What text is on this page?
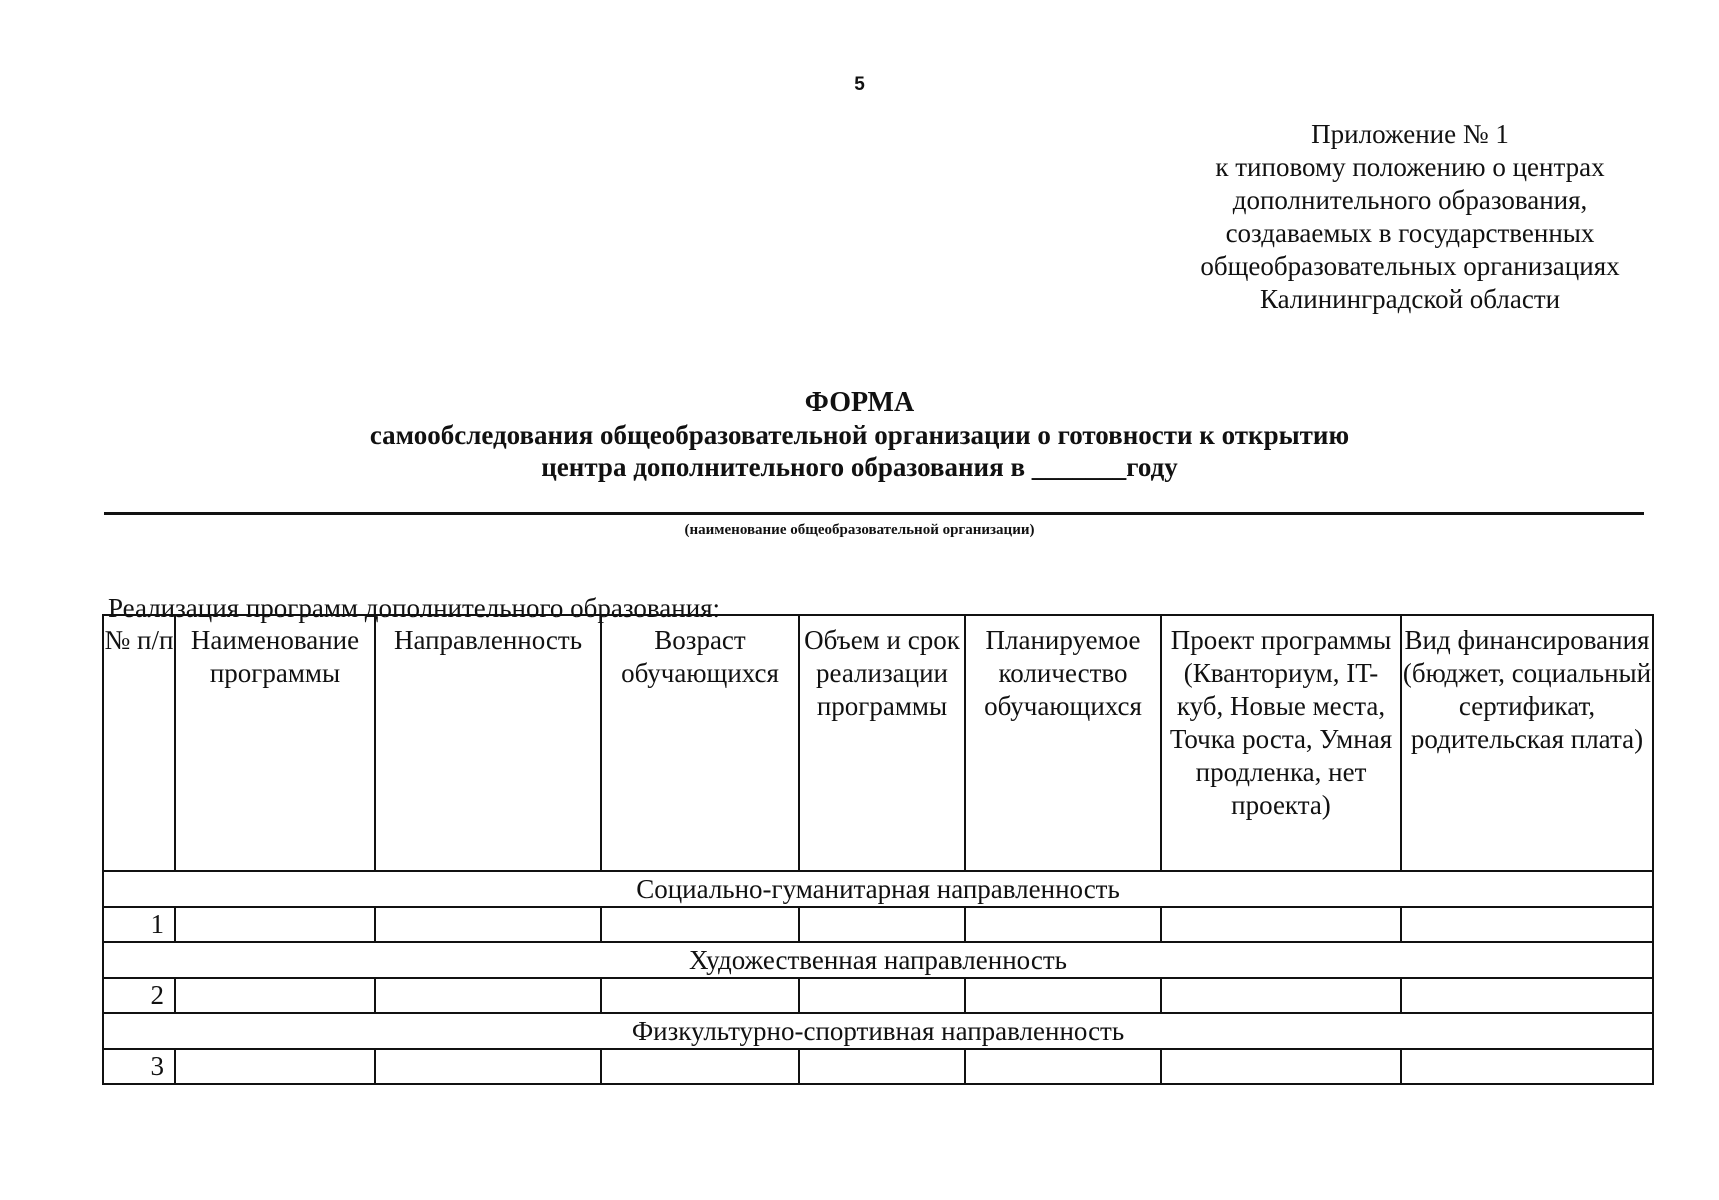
5
Приложение № 1
к типовому положению о центрах
дополнительного образования,
создаваемых в государственных
общеобразовательных организациях
Калининградской области
ФОРМА
самообследования общеобразовательной организации о готовности к открытию
центра дополнительного образования в _______году
(наименование общеобразовательной организации)
Реализация программ дополнительного образования:
№ п/п	Наименование программы	Направленность	Возраст обучающихся	Объем и срок реализации программы	Планируемое количество обучающихся	Проект программы (Кванториум, IT-куб, Новые места, Точка роста, Умная продленка, нет проекта)	Вид финансирования (бюджет, социальный сертификат, родительская плата)
Социально-гуманитарная направленность							
1							
Художественная направленность							
2							
Физкультурно-спортивная направленность							
3							
